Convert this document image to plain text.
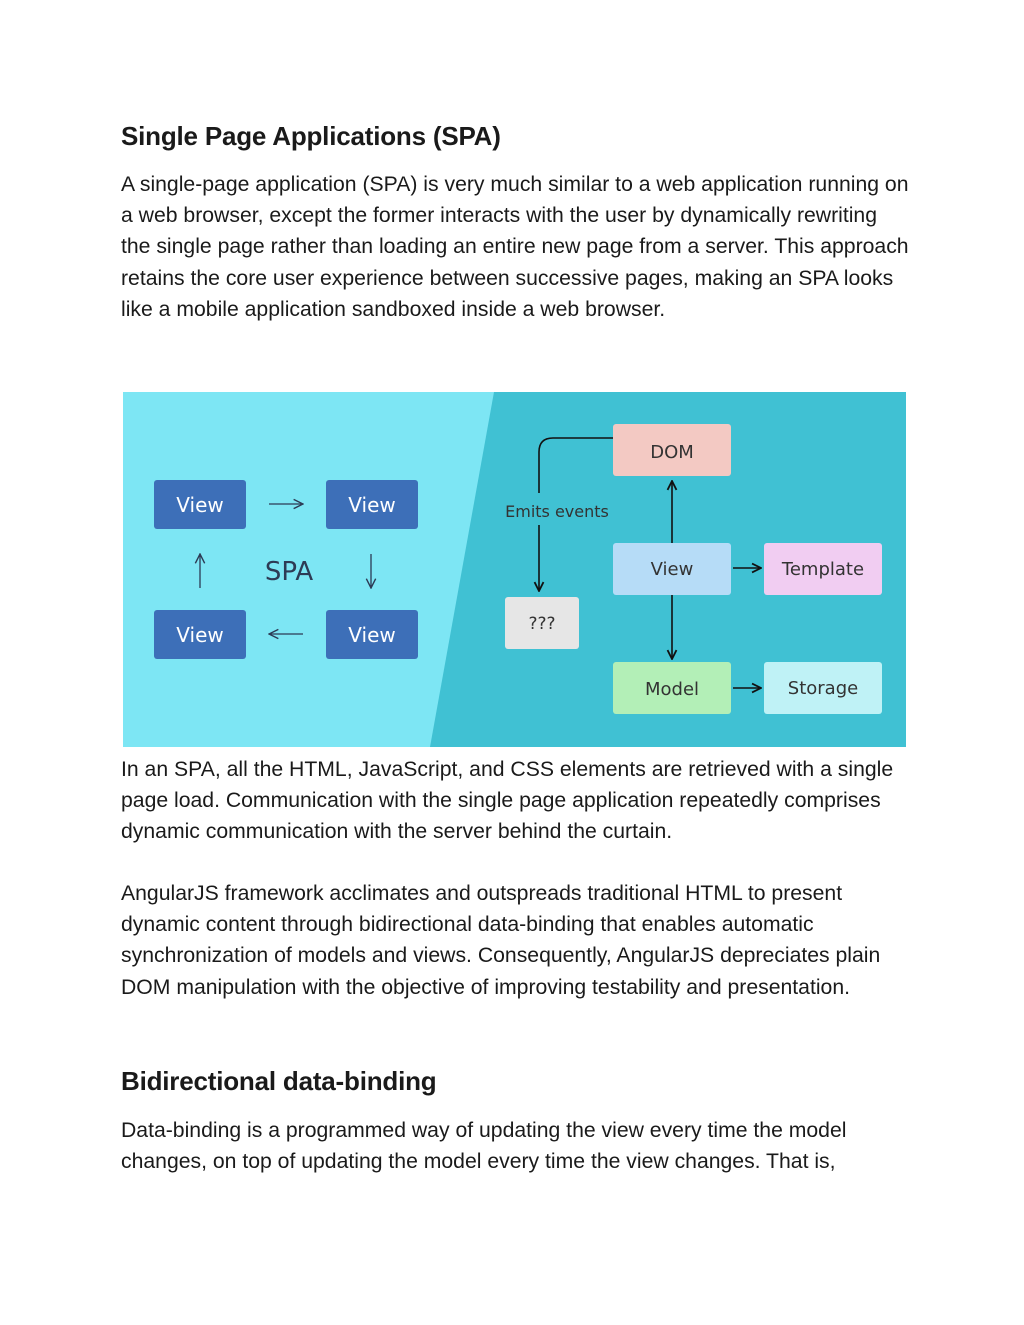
Single Page Applications (SPA)

A single-page application (SPA) is very much similar to a web application running on a web browser, except the former interacts with the user by dynamically rewriting the single page rather than loading an entire new page from a server. This approach retains the core user experience between successive pages, making an SPA looks like a mobile application sandboxed inside a web browser.

View	View
View	View
SPA
DOM
View	Template
???
Model	Storage
Emits events

In an SPA, all the HTML, JavaScript, and CSS elements are retrieved with a single page load. Communication with the single page application repeatedly comprises dynamic communication with the server behind the curtain.

AngularJS framework acclimates and outspreads traditional HTML to present dynamic content through bidirectional data-binding that enables automatic synchronization of models and views. Consequently, AngularJS depreciates plain DOM manipulation with the objective of improving testability and presentation.

Bidirectional data-binding

Data-binding is a programmed way of updating the view every time the model changes, on top of updating the model every time the view changes. That is,
